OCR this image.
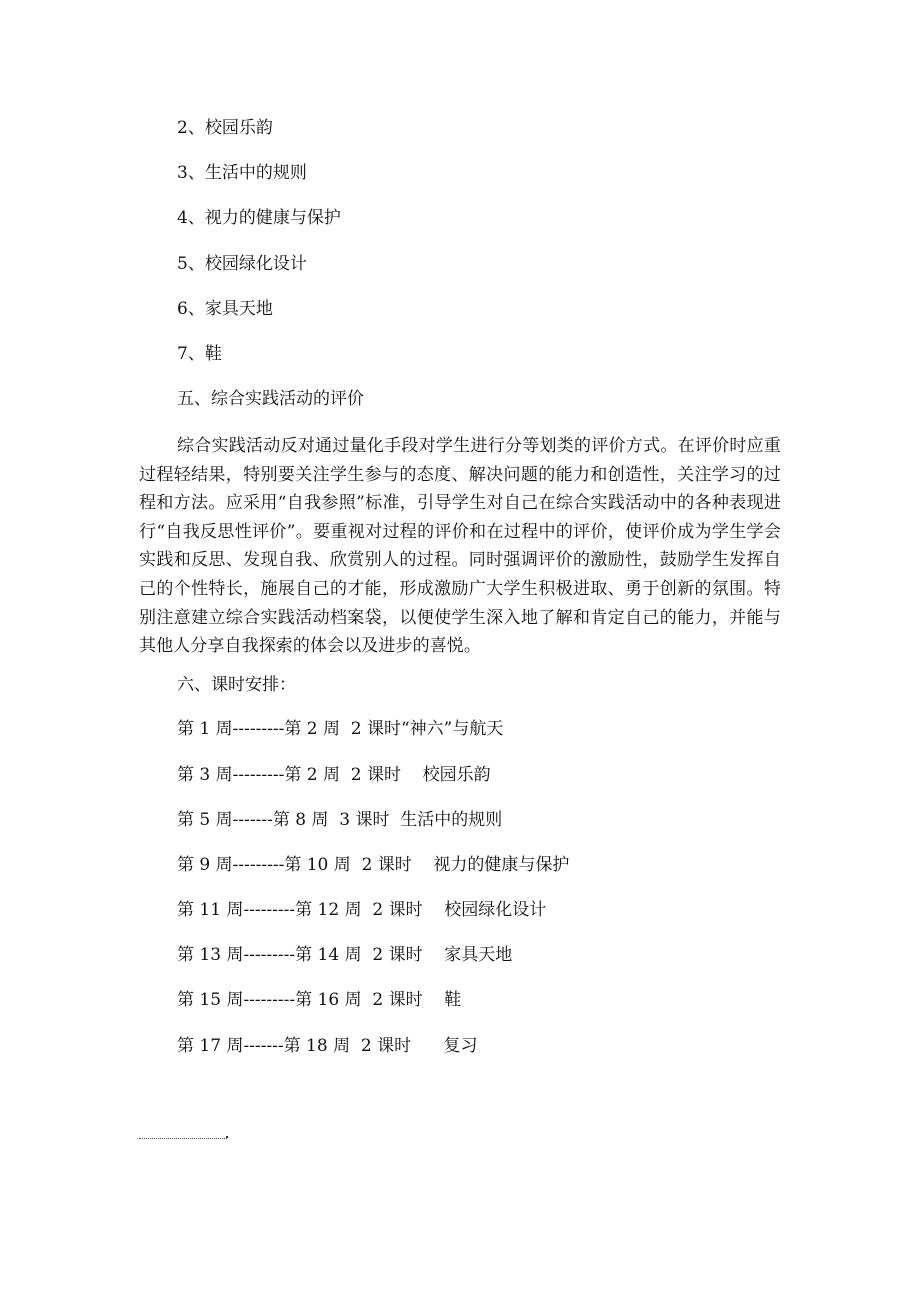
2、校园乐韵
3、生活中的规则
4、视力的健康与保护
5、校园绿化设计
6、家具天地
7、鞋
五、综合实践活动的评价
综合实践活动反对通过量化手段对学生进行分等划类的评价方式。在评价时应重过程轻结果，特别要关注学生参与的态度、解决问题的能力和创造性，关注学习的过程和方法。应采用“自我参照”标准，引导学生对自己在综合实践活动中的各种表现进行“自我反思性评价”。要重视对过程的评价和在过程中的评价，使评价成为学生学会实践和反思、发现自我、欣赏别人的过程。同时强调评价的激励性，鼓励学生发挥自己的个性特长，施展自己的才能，形成激励广大学生积极进取、勇于创新的氛围。特别注意建立综合实践活动档案袋，以便使学生深入地了解和肯定自己的能力，并能与其他人分享自我探索的体会以及进步的喜悦。
六、课时安排：
第 1 周---------第 2 周  2 课时“神六”与航天
第 3 周---------第 2 周  2 课时    校园乐韵
第 5 周-------第 8 周  3 课时  生活中的规则
第 9 周---------第 10 周  2 课时    视力的健康与保护
第 11 周---------第 12 周  2 课时    校园绿化设计
第 13 周---------第 14 周  2 课时    家具天地
第 15 周---------第 16 周  2 课时    鞋
第 17 周-------第 18 周  2 课时      复习
